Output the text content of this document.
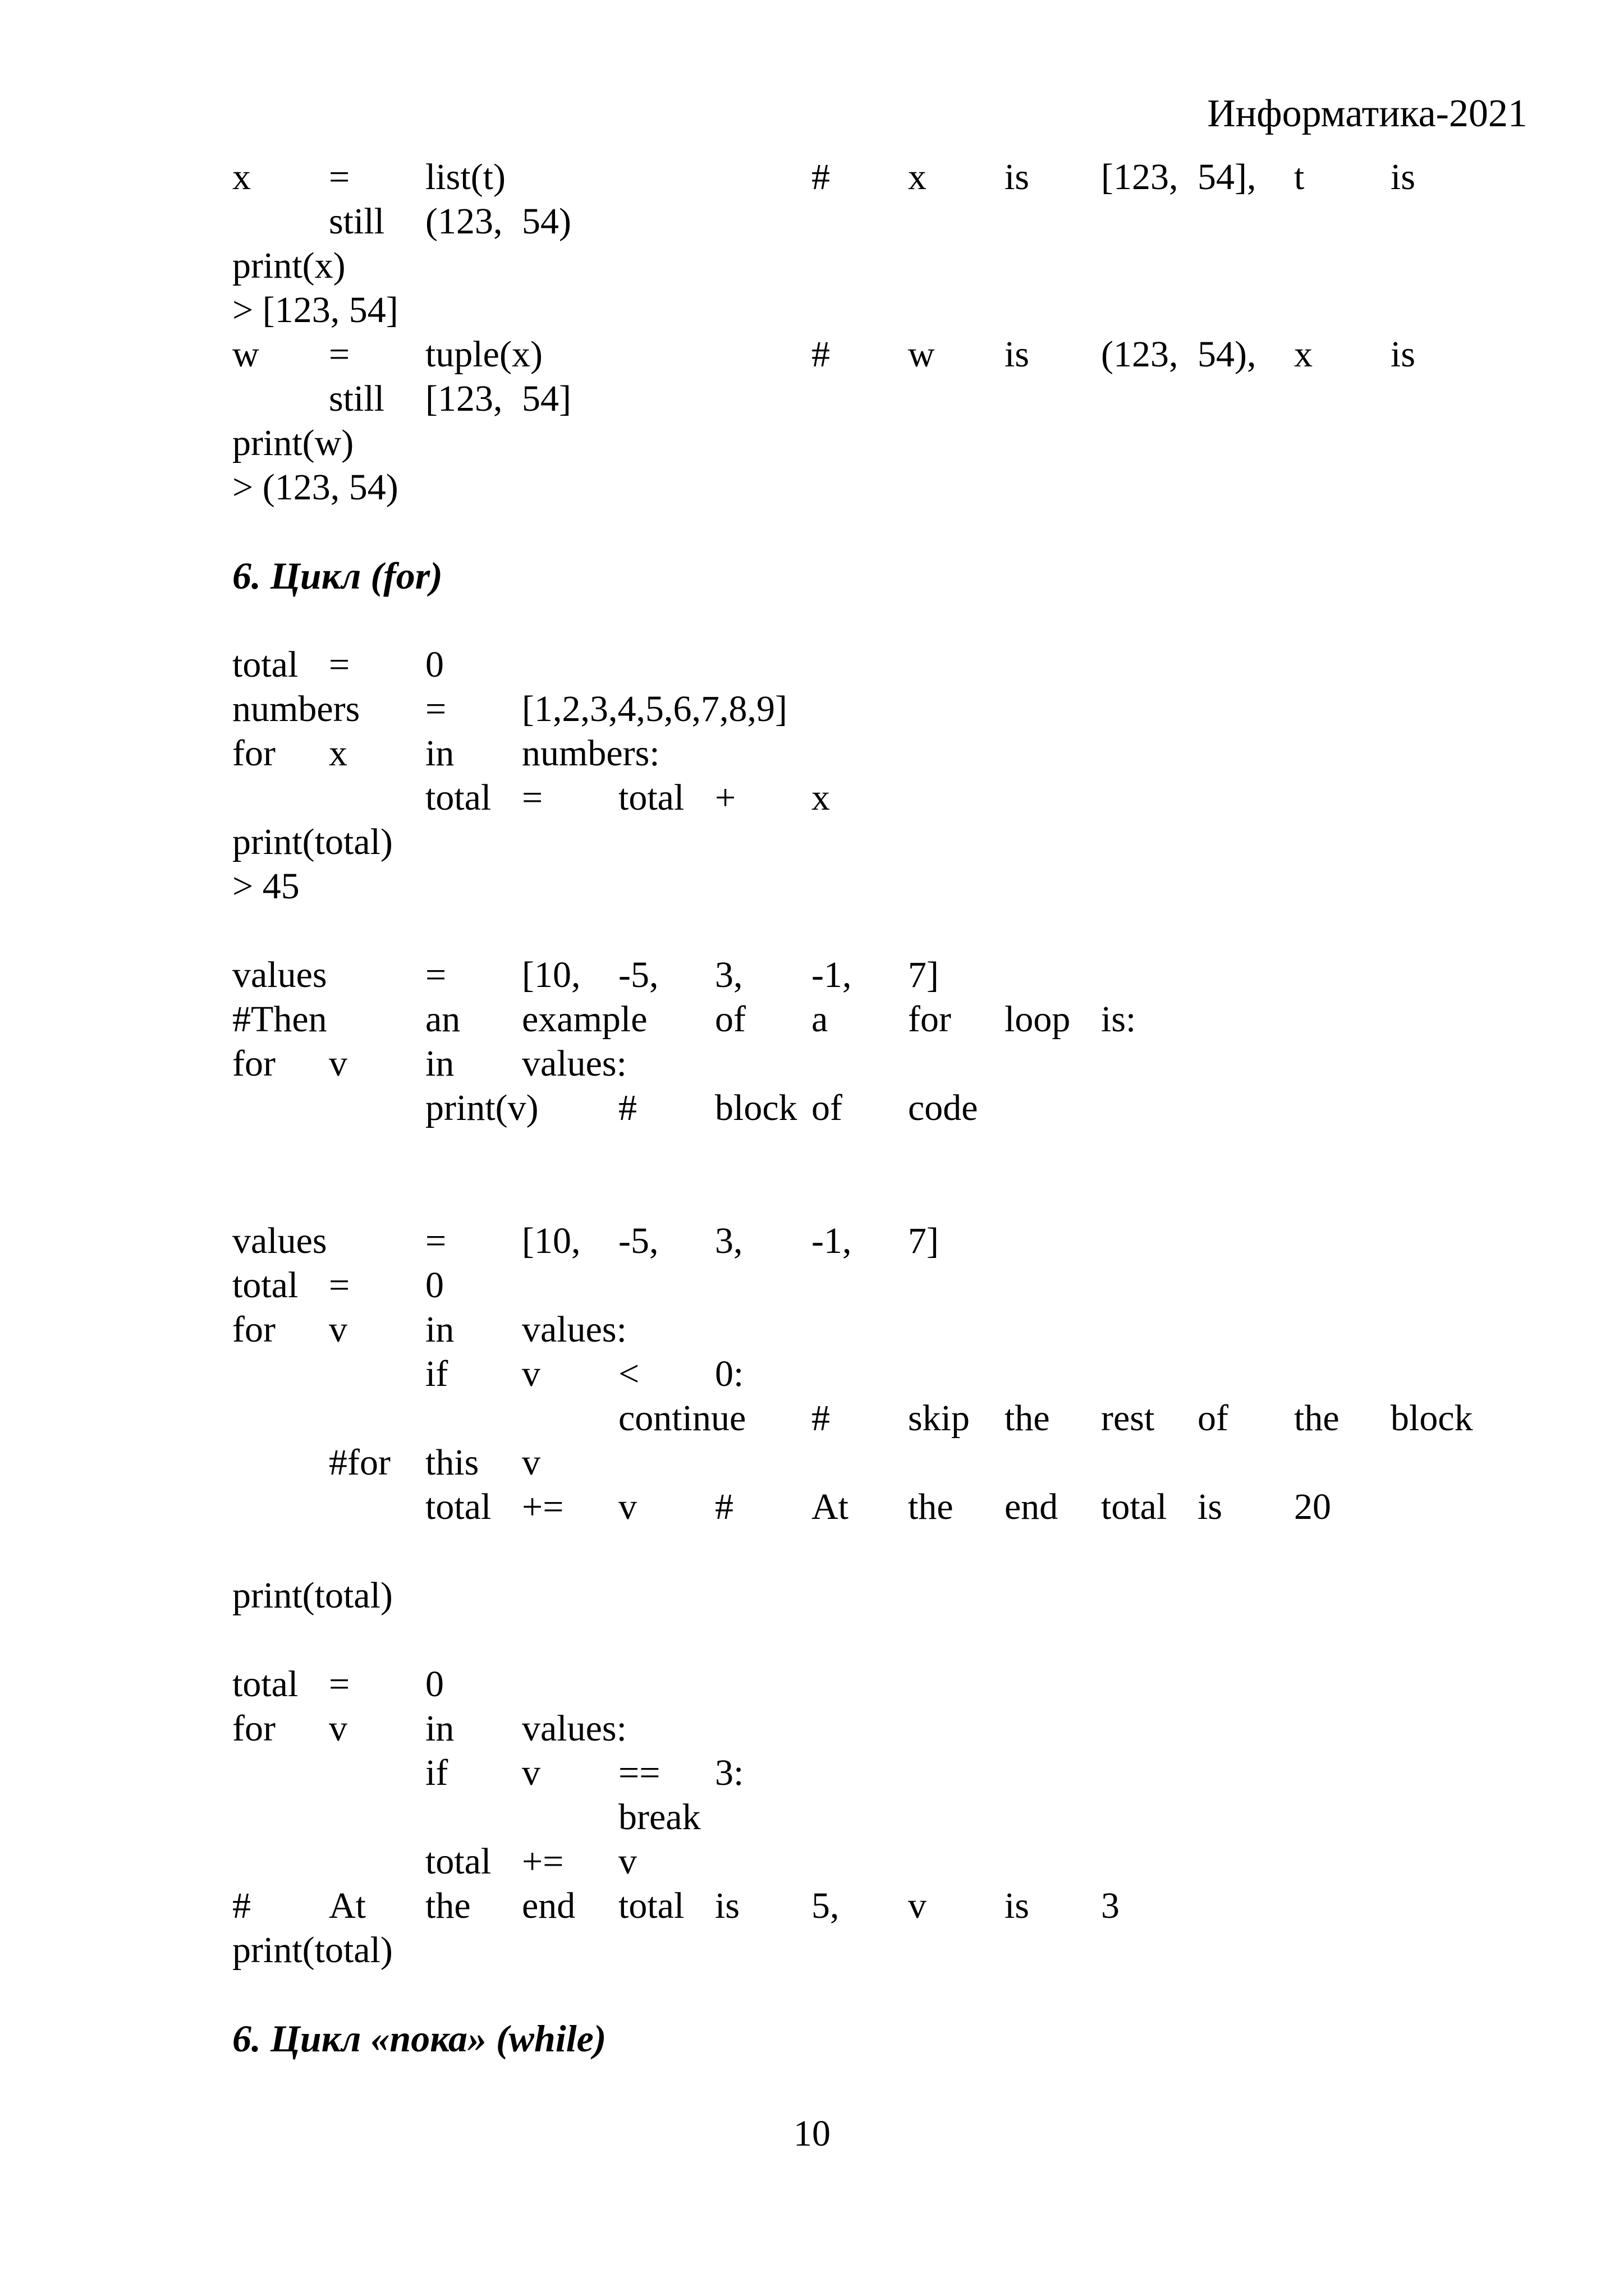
Информатика-2021
x = list(t)	# x is [123, 54], t is
still (123, 54)
print(x)
> [123, 54]
w = tuple(x)	# w is (123, 54), x is
still [123, 54]
print(w)
> (123, 54)
6. Цикл (for)
total = 0
numbers = [1,2,3,4,5,6,7,8,9]
for x in numbers:
total = total + x
print(total)
> 45
values	= [10, -5, 3, -1, 7]
#Then	an example of a for loop is:
for v in values:
print(v) # block of code
values	= [10, -5, 3, -1, 7]
total = 0
for v in values:
if v < 0:
continue # skip the rest of the block
#for this v
total += v # At the end total is 20
print(total)
total = 0
for v in values:
if v == 3:
break
total += v
# At the end total is 5, v is 3
print(total)
6. Цикл «пока» (while)
10
